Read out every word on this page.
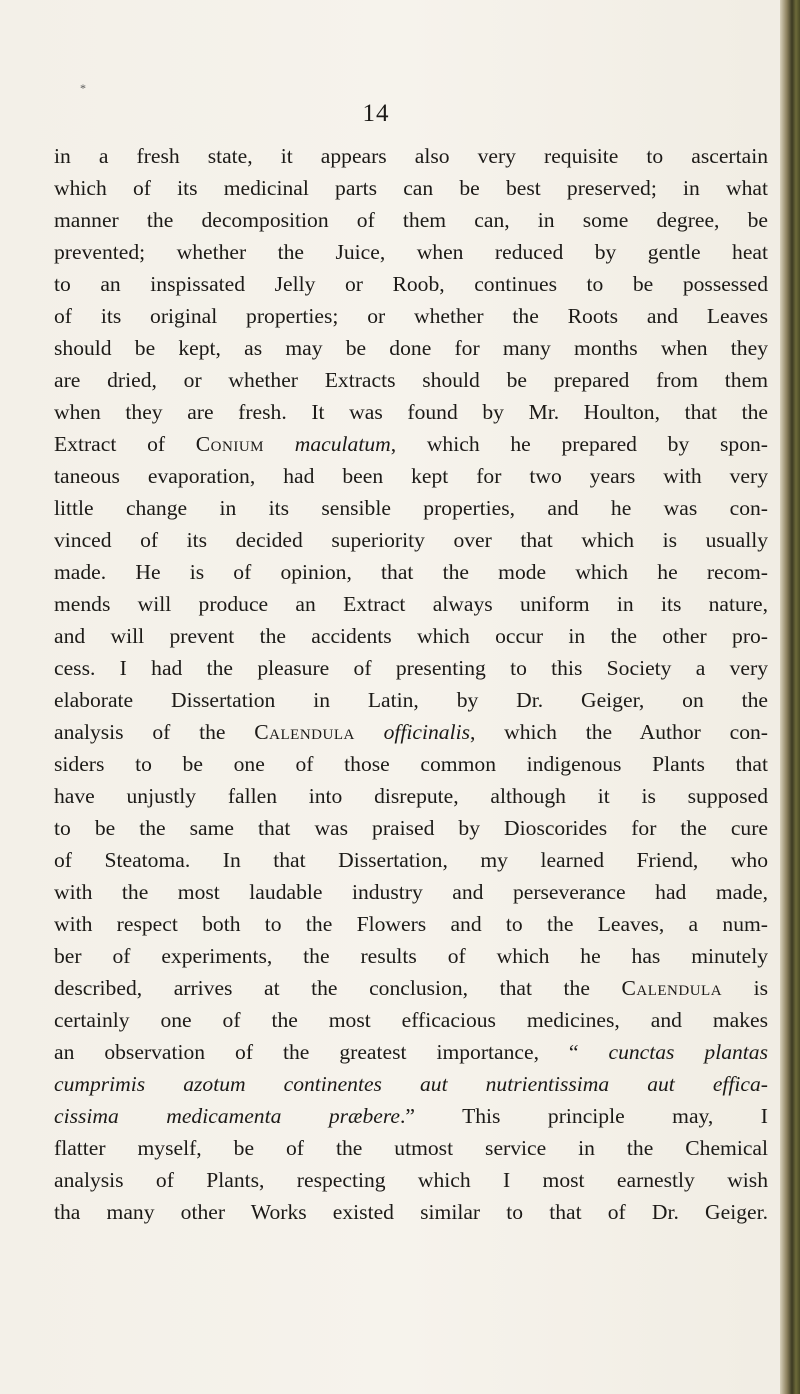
*
14
in a fresh state, it appears also very requisite to ascertain
which of its medicinal parts can be best preserved; in what
manner the decomposition of them can, in some degree, be
prevented; whether the Juice, when reduced by gentle heat
to an inspissated Jelly or Roob, continues to be possessed
of its original properties; or whether the Roots and Leaves
should be kept, as may be done for many months when they
are dried, or whether Extracts should be prepared from them
when they are fresh. It was found by Mr. Houlton, that the
Extract of Conium maculatum, which he prepared by spon-
taneous evaporation, had been kept for two years with very
little change in its sensible properties, and he was con-
vinced of its decided superiority over that which is usually
made. He is of opinion, that the mode which he recom-
mends will produce an Extract always uniform in its nature,
and will prevent the accidents which occur in the other pro-
cess. I had the pleasure of presenting to this Society a very
elaborate Dissertation in Latin, by Dr. Geiger, on the
analysis of the Calendula officinalis, which the Author con-
siders to be one of those common indigenous Plants that
have unjustly fallen into disrepute, although it is supposed
to be the same that was praised by Dioscorides for the cure
of Steatoma. In that Dissertation, my learned Friend, who
with the most laudable industry and perseverance had made,
with respect both to the Flowers and to the Leaves, a num-
ber of experiments, the results of which he has minutely
described, arrives at the conclusion, that the Calendula is
certainly one of the most efficacious medicines, and makes
an observation of the greatest importance, “ cunctas plantas
cumprimis azotum continentes aut nutrientissima aut effica-
cissima medicamenta præbere.” This principle may, I
flatter myself, be of the utmost service in the Chemical
analysis of Plants, respecting which I most earnestly wish
tha many other Works existed similar to that of Dr. Geiger.
